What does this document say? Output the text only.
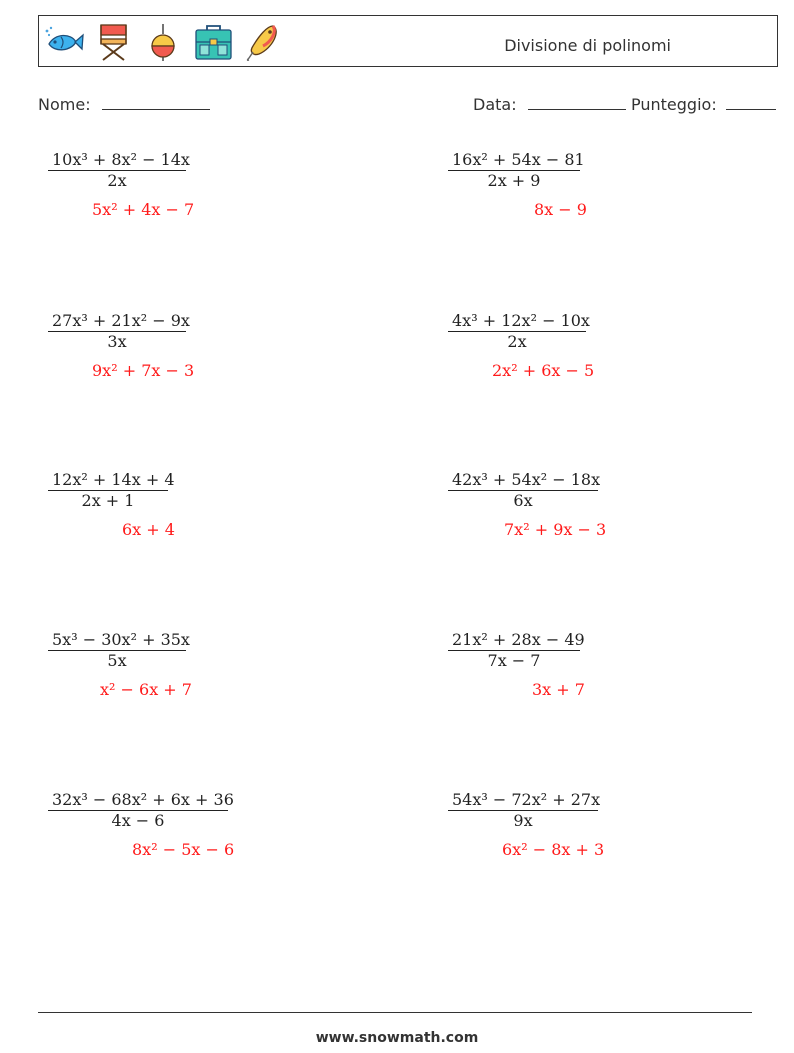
Divisione di polinomi
Nome:	Data:	Punteggio:
10x³ + 8x² − 14x
2x
5x² + 4x − 7
16x² + 54x − 81
2x + 9
8x − 9
27x³ + 21x² − 9x
3x
9x² + 7x − 3
4x³ + 12x² − 10x
2x
2x² + 6x − 5
12x² + 14x + 4
2x + 1
6x + 4
42x³ + 54x² − 18x
6x
7x² + 9x − 3
5x³ − 30x² + 35x
5x
x² − 6x + 7
21x² + 28x − 49
7x − 7
3x + 7
32x³ − 68x² + 6x + 36
4x − 6
8x² − 5x − 6
54x³ − 72x² + 27x
9x
6x² − 8x + 3
www.snowmath.com
